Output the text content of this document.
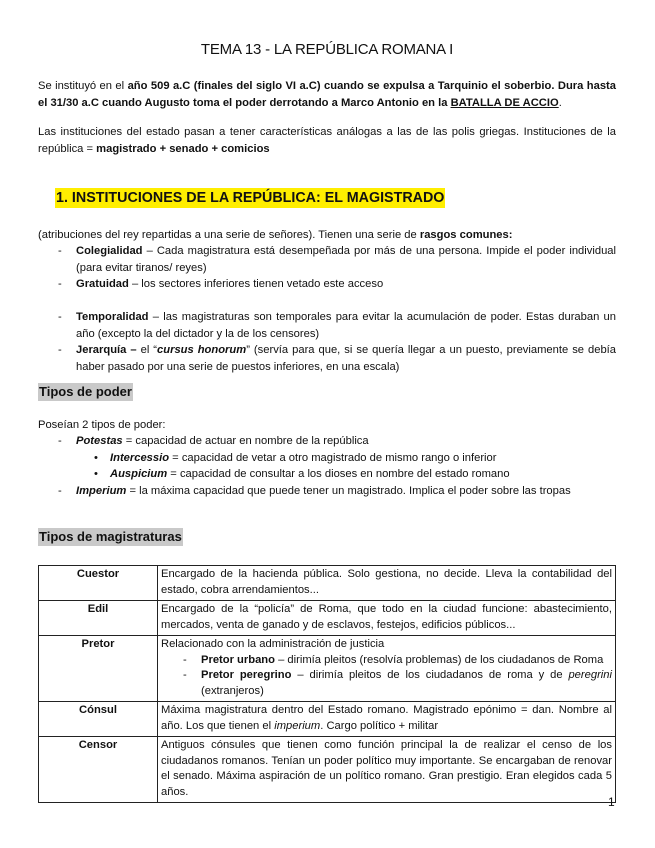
TEMA 13 - LA REPÚBLICA ROMANA I
Se instituyó en el año 509 a.C (finales del siglo VI a.C) cuando se expulsa a Tarquinio el soberbio. Dura hasta el 31/30 a.C cuando Augusto toma el poder derrotando a Marco Antonio en la BATALLA DE ACCIO.
Las instituciones del estado pasan a tener características análogas a las de las polis griegas. Instituciones de la república = magistrado + senado + comicios
1. INSTITUCIONES DE LA REPÚBLICA: EL MAGISTRADO
(atribuciones del rey repartidas a una serie de señores). Tienen una serie de rasgos comunes:
- Colegialidad – Cada magistratura está desempeñada por más de una persona. Impide el poder individual (para evitar tiranos/ reyes)
- Gratuidad – los sectores inferiores tienen vetado este acceso
- Temporalidad – las magistraturas son temporales para evitar la acumulación de poder. Estas duraban un año (excepto la del dictador y la de los censores)
- Jerarquía – el “cursus honorum” (servía para que, si se quería llegar a un puesto, previamente se debía haber pasado por una serie de puestos inferiores, en una escala)
Tipos de poder
Poseían 2 tipos de poder:
- Potestas = capacidad de actuar en nombre de la república
• Intercessio = capacidad de vetar a otro magistrado de mismo rango o inferior
• Auspicium = capacidad de consultar a los dioses en nombre del estado romano
- Imperium = la máxima capacidad que puede tener un magistrado. Implica el poder sobre las tropas
Tipos de magistraturas
Cuestor	Encargado de la hacienda pública. Solo gestiona, no decide. Lleva la contabilidad del estado, cobra arrendamientos...
Edil	Encargado de la “policía” de Roma, que todo en la ciudad funcione: abastecimiento, mercados, venta de ganado y de esclavos, festejos, edificios públicos...
Pretor	Relacionado con la administración de justicia
- Pretor urbano – dirimía pleitos (resolvía problemas) de los ciudadanos de Roma
- Pretor peregrino – dirimía pleitos de los ciudadanos de roma y de peregrini (extranjeros)

Cónsul	Máxima magistratura dentro del Estado romano. Magistrado epónimo = dan. Nombre al año. Los que tienen el imperium. Cargo político + militar
Censor	Antiguos cónsules que tienen como función principal la de realizar el censo de los ciudadanos romanos. Tenían un poder político muy importante. Se encargaban de renovar el senado. Máxima aspiración de un político romano. Gran prestigio. Eran elegidos cada 5 años.
1
